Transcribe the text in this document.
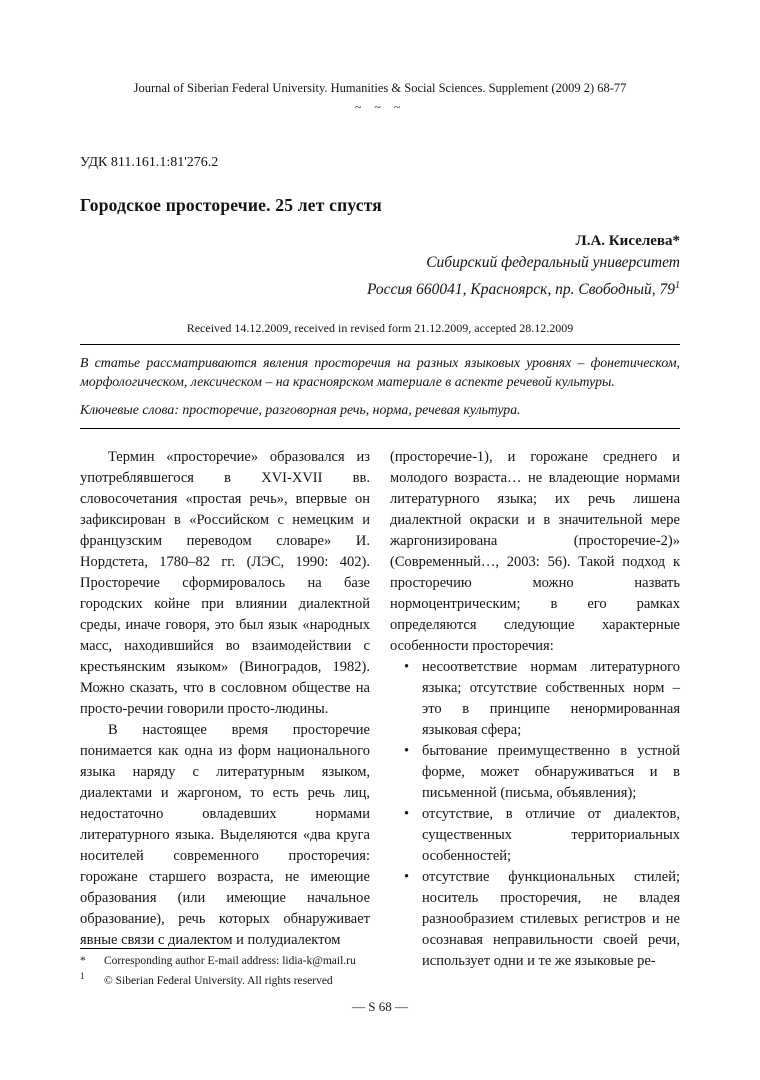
Journal of Siberian Federal University. Humanities & Social Sciences. Supplement (2009 2) 68-77
~ ~ ~
УДК 811.161.1:81'276.2
Городское просторечие. 25 лет спустя
Л.А. Киселева*
Сибирский федеральный университет
Россия 660041, Красноярск, пр. Свободный, $79^1$
Received 14.12.2009, received in revised form 21.12.2009, accepted 28.12.2009

В статье рассматриваются явления просторечия на разных языковых уровнях – фонетическом, морфологическом, лексическом – на красноярском материале в аспекте речевой культуры.

Ключевые слова: просторечие, разговорная речь, норма, речевая культура.

Термин «просторечие» образовался из употреблявшегося в XVI-XVII вв. словосочетания «простая речь», впервые он зафиксирован в «Российском с немецким и французским переводом словаре» И. Нордстета, 1780–82 гг. (ЛЭС, 1990: 402). Просторечие сформировалось на базе городских койне при влиянии диалектной среды, иначе говоря, это был язык «народных масс, находившийся во взаимодействии с крестьянским языком» (Виноградов, 1982). Можно сказать, что в сословном обществе на просто-речии говорили просто-людины.

В настоящее время просторечие понимается как одна из форм национального языка наряду с литературным языком, диалектами и жаргоном, то есть речь лиц, недостаточно овладевших нормами литературного языка. Выделяются «два круга носителей современного просторечия: горожане старшего возраста, не имеющие образования (или имеющие начальное образование), речь которых обнаруживает явные связи с диалектом и полудиалектом

(просторечие-1), и горожане среднего и молодого возраста… не владеющие нормами литературного языка; их речь лишена диалектной окраски и в значительной мере жаргонизирована (просторечие-2)» (Современный…, 2003: 56). Такой подход к просторечию можно назвать нормоцентрическим; в его рамках определяются следующие характерные особенности просторечия:

• несоответствие нормам литературного языка; отсутствие собственных норм – это в принципе ненормированная языковая сфера;
• бытование преимущественно в устной форме, может обнаруживаться и в письменной (письма, объявления);
• отсутствие, в отличие от диалектов, существенных территориальных особенностей;
• отсутствие функциональных стилей; носитель просторечия, не владея разнообразием стилевых регистров и не осознавая неправильности своей речи, использует одни и те же языковые ре-
* Corresponding author E-mail address: lidia-k@mail.ru
1 © Siberian Federal University. All rights reserved
— S 68 —
